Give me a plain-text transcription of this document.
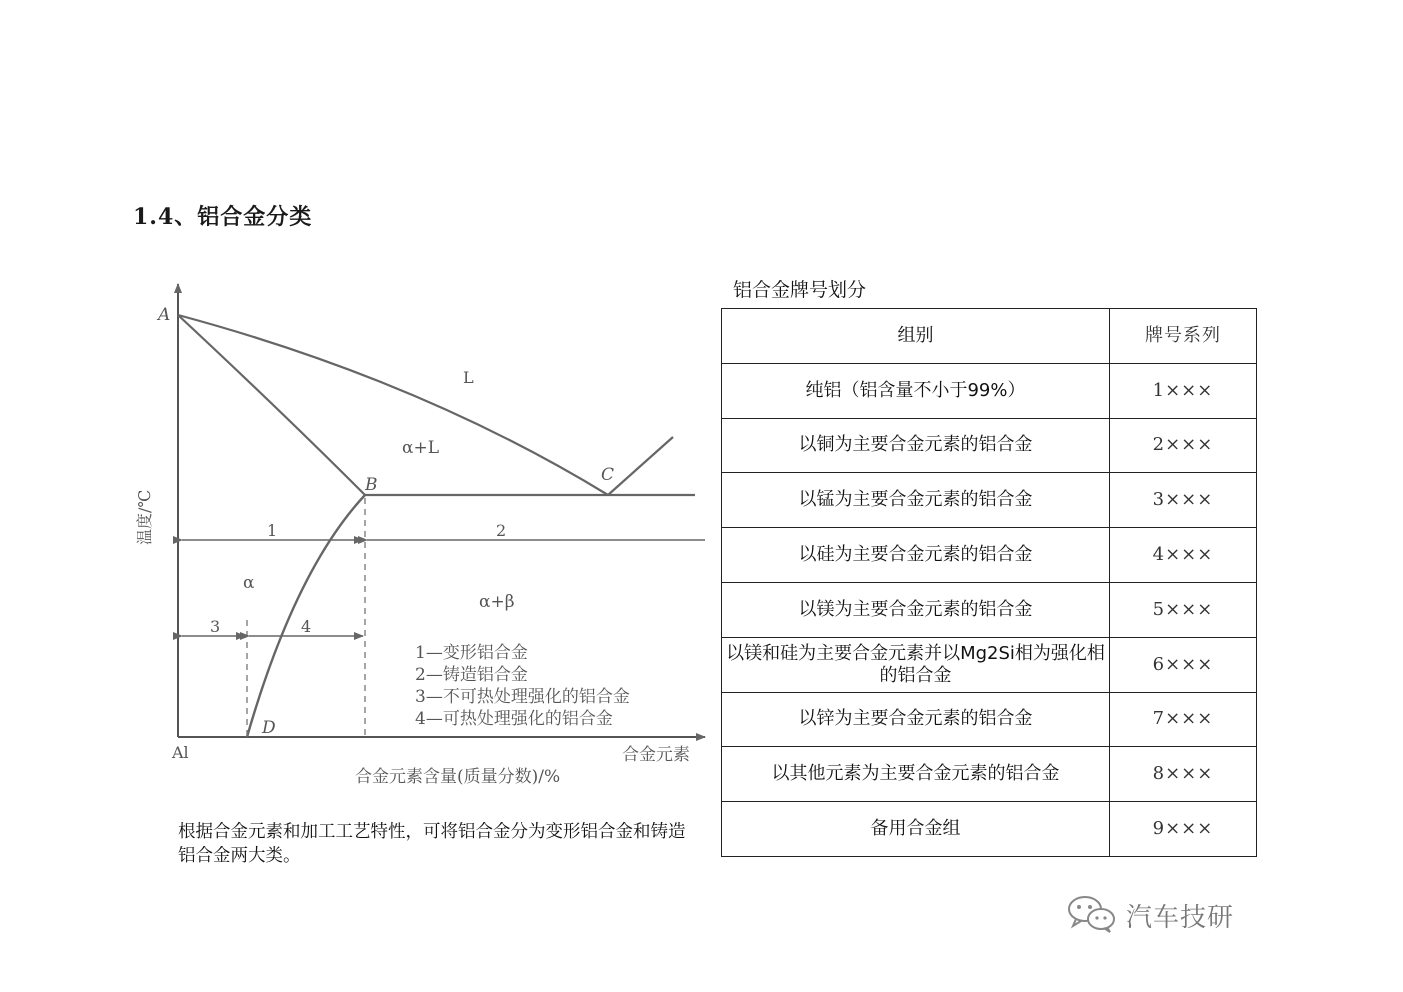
1.4、铝合金分类
A
B	C
D
L
α+L
α
α+β
1	2
3	4
Al	合金元素
合金元素含量(质量分数)/%
温度/℃
1—变形铝合金
2—铸造铝合金
3—不可热处理强化的铝合金
4—可热处理强化的铝合金
根据合金元素和加工工艺特性，可将铝合金分为变形铝合金和铸造铝合金两大类。
铝合金牌号划分
组别	牌号系列
纯铝（铝含量不小于99%）	1×××
以铜为主要合金元素的铝合金	2×××
以锰为主要合金元素的铝合金	3×××
以硅为主要合金元素的铝合金	4×××
以镁为主要合金元素的铝合金	5×××
以镁和硅为主要合金元素并以Mg2Si相为强化相的铝合金	6×××
以锌为主要合金元素的铝合金	7×××
以其他元素为主要合金元素的铝合金	8×××
备用合金组	9×××
汽车技研
